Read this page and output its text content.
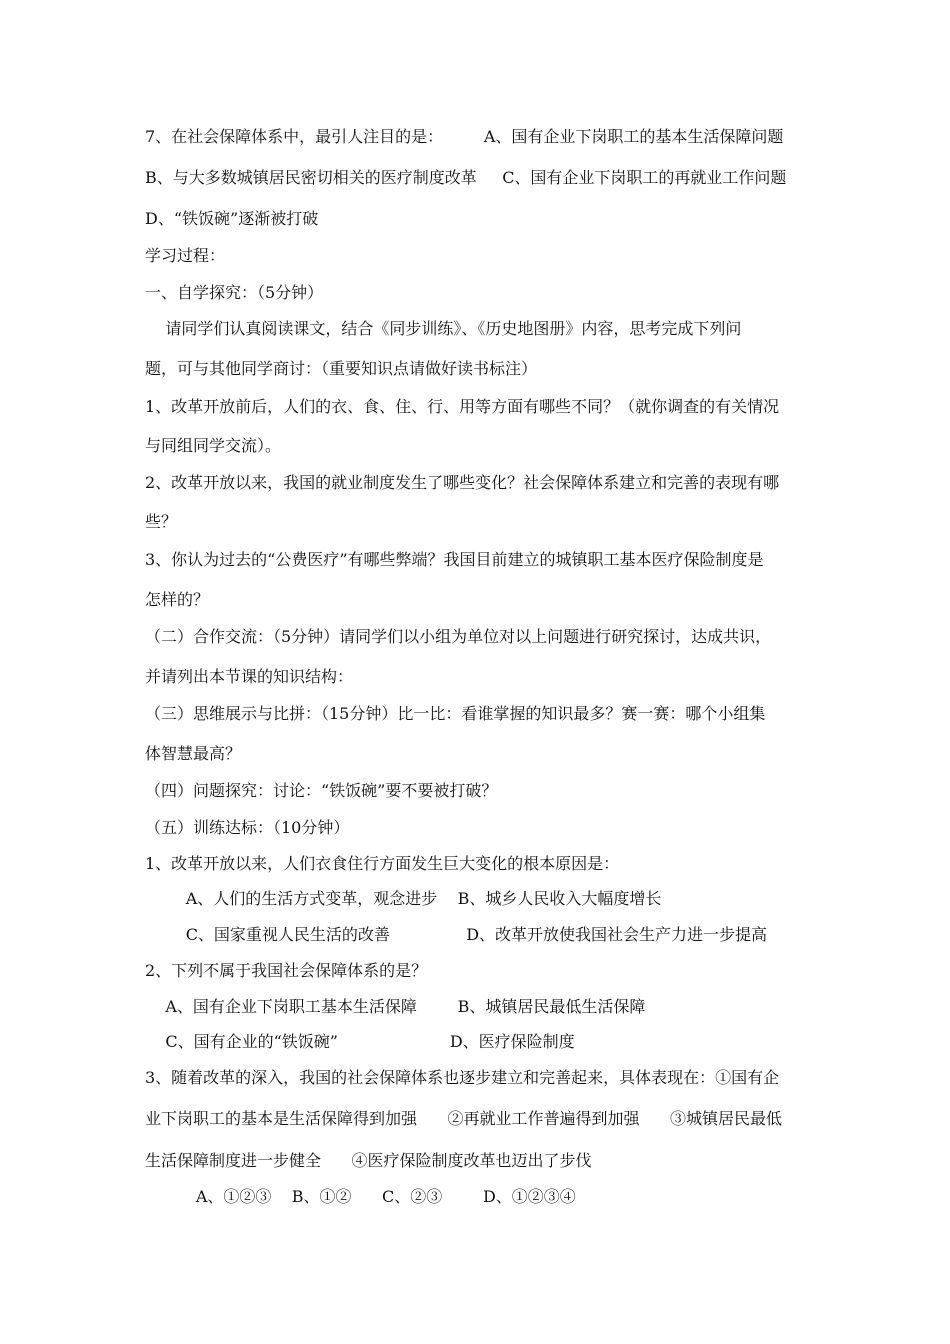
7、在社会保障体系中，最引人注目的是：        A、国有企业下岗职工的基本生活保障问题

B、与大多数城镇居民密切相关的医疗制度改革     C、国有企业下岗职工的再就业工作问题

D、“铁饭碗”逐渐被打破

学习过程：

一、自学探究：（5分钟）

请同学们认真阅读课文，结合《同步训练》、《历史地图册》内容，思考完成下列问

题，可与其他同学商讨：（重要知识点请做好读书标注）

1、改革开放前后，人们的衣、食、住、行、用等方面有哪些不同？（就你调查的有关情况

与同组同学交流）。

2、改革开放以来，我国的就业制度发生了哪些变化？社会保障体系建立和完善的表现有哪

些？

3、你认为过去的“公费医疗”有哪些弊端？我国目前建立的城镇职工基本医疗保险制度是

怎样的？

（二）合作交流：（5分钟）请同学们以小组为单位对以上问题进行研究探讨，达成共识，

并请列出本节课的知识结构：

（三）思维展示与比拼：（15分钟）比一比：看谁掌握的知识最多？赛一赛：哪个小组集

体智慧最高？

（四）问题探究：讨论：“铁饭碗”要不要被打破？

（五）训练达标：（10分钟）

1、改革开放以来，人们衣食住行方面发生巨大变化的根本原因是：

A、人们的生活方式变革，观念进步    B、城乡人民收入大幅度增长

C、国家重视人民生活的改善               D、改革开放使我国社会生产力进一步提高

2、下列不属于我国社会保障体系的是？

A、国有企业下岗职工基本生活保障        B、城镇居民最低生活保障

C、国有企业的“铁饭碗”                      D、医疗保险制度

3、随着改革的深入，我国的社会保障体系也逐步建立和完善起来，具体表现在：①国有企

业下岗职工的基本是生活保障得到加强      ②再就业工作普遍得到加强      ③城镇居民最低

生活保障制度进一步健全      ④医疗保险制度改革也迈出了步伐

A、①②③    B、①②      C、②③        D、①②③④
